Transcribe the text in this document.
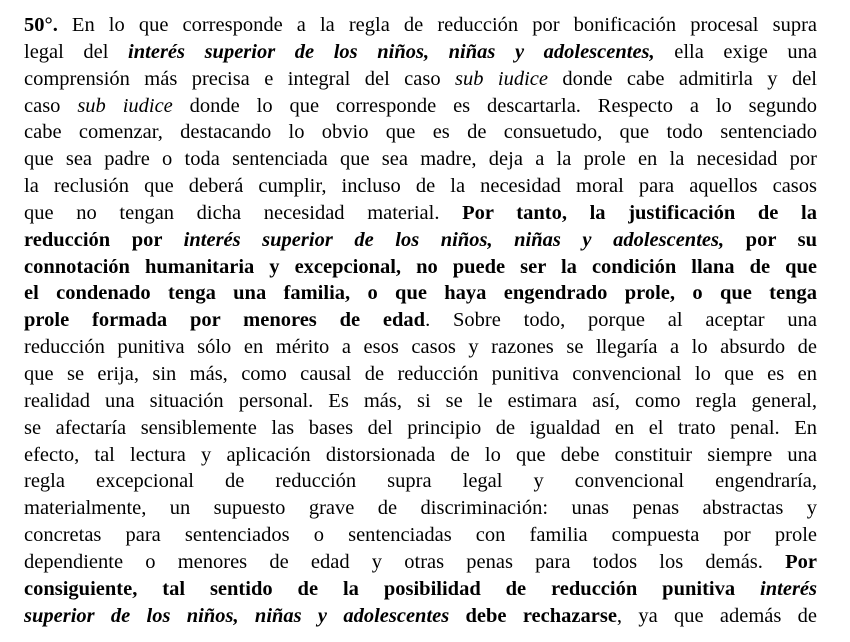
50°. En lo que corresponde a la regla de reducción por bonificación procesal supra
legal del interés superior de los niños, niñas y adolescentes, ella exige una
comprensión más precisa e integral del caso sub iudice donde cabe admitirla y del
caso sub iudice donde lo que corresponde es descartarla. Respecto a lo segundo
cabe comenzar, destacando lo obvio que es de consuetudo, que todo sentenciado
que sea padre o toda sentenciada que sea madre, deja a la prole en la necesidad por
la reclusión que deberá cumplir, incluso de la necesidad moral para aquellos casos
que no tengan dicha necesidad material. Por tanto, la justificación de la
reducción por interés superior de los niños, niñas y adolescentes, por su
connotación humanitaria y excepcional, no puede ser la condición llana de que
el condenado tenga una familia, o que haya engendrado prole, o que tenga
prole formada por menores de edad. Sobre todo, porque al aceptar una
reducción punitiva sólo en mérito a esos casos y razones se llegaría a lo absurdo de
que se erija, sin más, como causal de reducción punitiva convencional lo que es en
realidad una situación personal. Es más, si se le estimara así, como regla general,
se afectaría sensiblemente las bases del principio de igualdad en el trato penal. En
efecto, tal lectura y aplicación distorsionada de lo que debe constituir siempre una
regla excepcional de reducción supra legal y convencional engendraría,
materialmente, un supuesto grave de discriminación: unas penas abstractas y
concretas para sentenciados o sentenciadas con familia compuesta por prole
dependiente o menores de edad y otras penas para todos los demás. Por
consiguiente, tal sentido de la posibilidad de reducción punitiva interés
superior de los niños, niñas y adolescentes debe rechazarse, ya que además de
